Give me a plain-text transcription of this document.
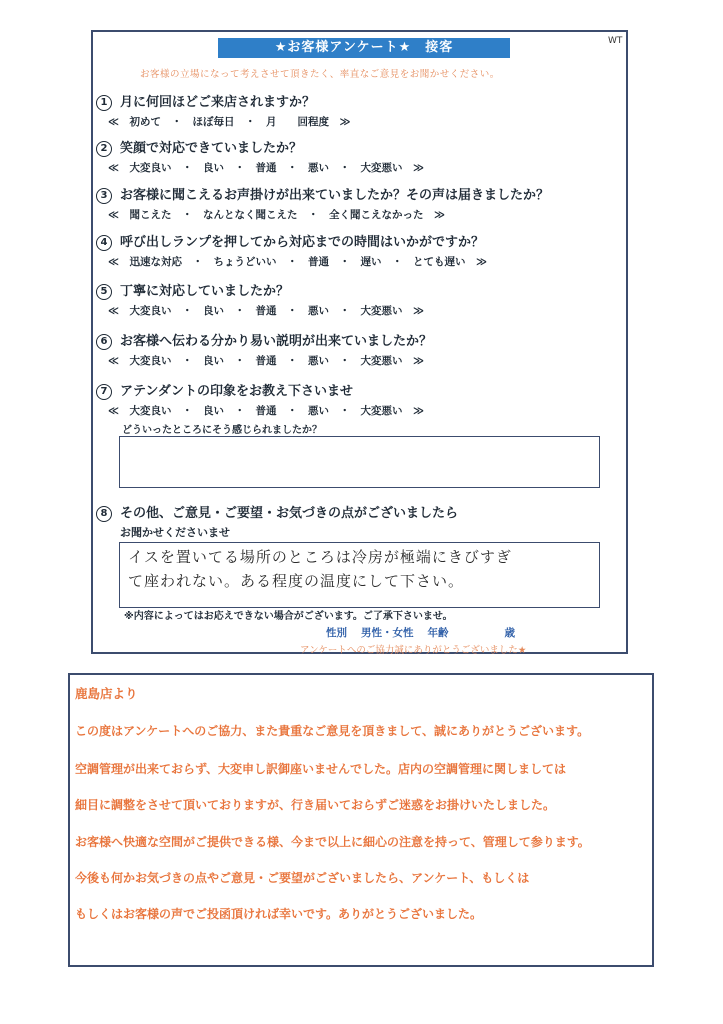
★お客様アンケート★　接客	WT
お客様の立場になって考えさせて頂きたく、率直なご意見をお聞かせください。
1 月に何回ほどご来店されますか？
≪　初めて　・　ほぼ毎日　・　月　　回程度　≫
2 笑顔で対応できていましたか？
≪　大変良い　・　良い　・　普通　・　悪い　・　大変悪い　≫
3 お客様に聞こえるお声掛けが出来ていましたか？その声は届きましたか？
≪　聞こえた　・　なんとなく聞こえた　・　全く聞こえなかった　≫
4 呼び出しランプを押してから対応までの時間はいかがですか？
≪　迅速な対応　・　ちょうどいい　・　普通　・　遅い　・　とても遅い　≫
5 丁寧に対応していましたか？
≪　大変良い　・　良い　・　普通　・　悪い　・　大変悪い　≫
6 お客様へ伝わる分かり易い説明が出来ていましたか？
≪　大変良い　・　良い　・　普通　・　悪い　・　大変悪い　≫
7 アテンダントの印象をお教え下さいませ
≪　大変良い　・　良い　・　普通　・　悪い　・　大変悪い　≫
どういったところにそう感じられましたか？
8 その他、ご意見・ご要望・お気づきの点がございましたら
お聞かせくださいませ
イスを置いてる場所のところは冷房が極端にきびすぎ
て座われない。ある程度の温度にして下さい。
※内容によってはお応えできない場合がございます。ご了承下さいませ。
性別 男性・女性 年齢	歳
アンケートへのご協力誠にありがとうございました★
鹿島店より
この度はアンケートへのご協力、また貴重なご意見を頂きまして、誠にありがとうございます。
空調管理が出来ておらず、大変申し訳御座いませんでした。店内の空調管理に関しましては
細目に調整をさせて頂いておりますが、行き届いておらずご迷惑をお掛けいたしました。
お客様へ快適な空間がご提供できる様、今まで以上に細心の注意を持って、管理して参ります。
今後も何かお気づきの点やご意見・ご要望がございましたら、アンケート、もしくは
もしくはお客様の声でご投函頂ければ幸いです。ありがとうございました。
